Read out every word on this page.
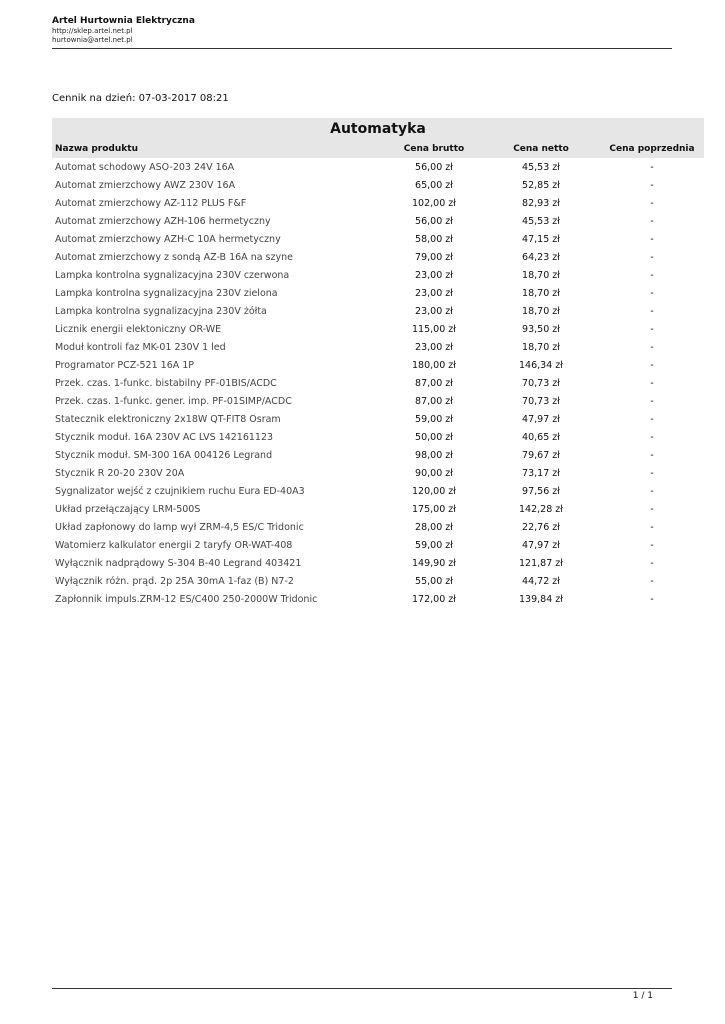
Artel Hurtownia Elektryczna
http://sklep.artel.net.pl
hurtownia@artel.net.pl
Cennik na dzień: 07-03-2017 08:21
Automatyka
Nazwa produktu	Cena brutto	Cena netto	Cena poprzednia
Automat schodowy ASO-203 24V 16A	56,00 zł	45,53 zł	-
Automat zmierzchowy AWZ 230V 16A	65,00 zł	52,85 zł	-
Automat zmierzchowy AZ-112 PLUS F&F	102,00 zł	82,93 zł	-
Automat zmierzchowy AZH-106 hermetyczny	56,00 zł	45,53 zł	-
Automat zmierzchowy AZH-C 10A hermetyczny	58,00 zł	47,15 zł	-
Automat zmierzchowy z sondą AZ-B 16A na szyne	79,00 zł	64,23 zł	-
Lampka kontrolna sygnalizacyjna 230V czerwona	23,00 zł	18,70 zł	-
Lampka kontrolna sygnalizacyjna 230V zielona	23,00 zł	18,70 zł	-
Lampka kontrolna sygnalizacyjna 230V żółta	23,00 zł	18,70 zł	-
Licznik energii elektoniczny OR-WE	115,00 zł	93,50 zł	-
Moduł kontroli faz MK-01 230V 1 led	23,00 zł	18,70 zł	-
Programator PCZ-521 16A 1P	180,00 zł	146,34 zł	-
Przek. czas. 1-funkc. bistabilny PF-01BIS/ACDC	87,00 zł	70,73 zł	-
Przek. czas. 1-funkc. gener. imp. PF-01SIMP/ACDC	87,00 zł	70,73 zł	-
Statecznik elektroniczny 2x18W QT-FIT8 Osram	59,00 zł	47,97 zł	-
Stycznik moduł. 16A 230V AC LVS 142161123	50,00 zł	40,65 zł	-
Stycznik moduł. SM-300 16A 004126 Legrand	98,00 zł	79,67 zł	-
Stycznik R 20-20 230V 20A	90,00 zł	73,17 zł	-
Sygnalizator wejść z czujnikiem ruchu Eura ED-40A3	120,00 zł	97,56 zł	-
Układ przełączający LRM-500S	175,00 zł	142,28 zł	-
Układ zapłonowy do lamp wył ZRM-4,5 ES/C Tridonic	28,00 zł	22,76 zł	-
Watomierz kalkulator energii 2 taryfy OR-WAT-408	59,00 zł	47,97 zł	-
Wyłącznik nadprądowy S-304 B-40 Legrand 403421	149,90 zł	121,87 zł	-
Wyłącznik różn. prąd. 2p 25A 30mA 1-faz (B) N7-2	55,00 zł	44,72 zł	-
Zapłonnik impuls.ZRM-12 ES/C400 250-2000W Tridonic	172,00 zł	139,84 zł	-
1 / 1
